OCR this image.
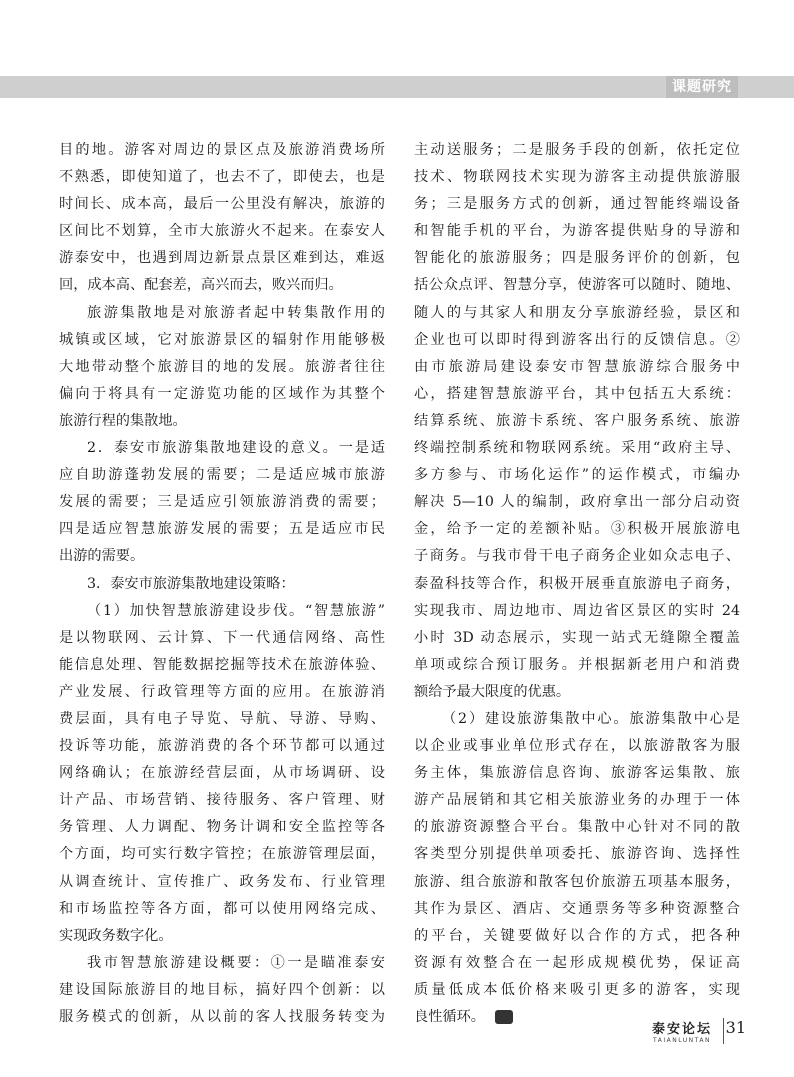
课题研究
目的地。游客对周边的景区点及旅游消费场所
不熟悉，即使知道了，也去不了，即使去，也是
时间长、成本高，最后一公里没有解决，旅游的
区间比不划算，全市大旅游火不起来。在泰安人
游泰安中，也遇到周边新景点景区难到达，难返
回，成本高、配套差，高兴而去，败兴而归。
旅游集散地是对旅游者起中转集散作用的
城镇或区域，它对旅游景区的辐射作用能够极
大地带动整个旅游目的地的发展。旅游者往往
偏向于将具有一定游览功能的区域作为其整个
旅游行程的集散地。
2．泰安市旅游集散地建设的意义。一是适
应自助游蓬勃发展的需要；二是适应城市旅游
发展的需要；三是适应引领旅游消费的需要；
四是适应智慧旅游发展的需要；五是适应市民
出游的需要。
3．泰安市旅游集散地建设策略：
（1）加快智慧旅游建设步伐。“智慧旅游”
是以物联网、云计算、下一代通信网络、高性
能信息处理、智能数据挖掘等技术在旅游体验、
产业发展、行政管理等方面的应用。在旅游消
费层面，具有电子导览、导航、导游、导购、
投诉等功能，旅游消费的各个环节都可以通过
网络确认；在旅游经营层面，从市场调研、设
计产品、市场营销、接待服务、客户管理、财
务管理、人力调配、物务计调和安全监控等各
个方面，均可实行数字管控；在旅游管理层面，
从调查统计、宣传推广、政务发布、行业管理
和市场监控等各方面，都可以使用网络完成、
实现政务数字化。
我市智慧旅游建设概要：①一是瞄准泰安
建设国际旅游目的地目标，搞好四个创新：以
服务模式的创新，从以前的客人找服务转变为
主动送服务；二是服务手段的创新，依托定位
技术、物联网技术实现为游客主动提供旅游服
务；三是服务方式的创新，通过智能终端设备
和智能手机的平台，为游客提供贴身的导游和
智能化的旅游服务；四是服务评价的创新，包
括公众点评、智慧分享，使游客可以随时、随地、
随人的与其家人和朋友分享旅游经验，景区和
企业也可以即时得到游客出行的反馈信息。②
由市旅游局建设泰安市智慧旅游综合服务中
心，搭建智慧旅游平台，其中包括五大系统：
结算系统、旅游卡系统、客户服务系统、旅游
终端控制系统和物联网系统。采用“政府主导、
多方参与、市场化运作”的运作模式，市编办
解决 5—10 人的编制，政府拿出一部分启动资
金，给予一定的差额补贴。③积极开展旅游电
子商务。与我市骨干电子商务企业如众志电子、
泰盈科技等合作，积极开展垂直旅游电子商务，
实现我市、周边地市、周边省区景区的实时 24
小时 3D 动态展示，实现一站式无缝隙全覆盖
单项或综合预订服务。并根据新老用户和消费
额给予最大限度的优惠。
（2）建设旅游集散中心。旅游集散中心是
以企业或事业单位形式存在，以旅游散客为服
务主体，集旅游信息咨询、旅游客运集散、旅
游产品展销和其它相关旅游业务的办理于一体
的旅游资源整合平台。集散中心针对不同的散
客类型分别提供单项委托、旅游咨询、选择性
旅游、组合旅游和散客包价旅游五项基本服务，
其作为景区、酒店、交通票务等多种资源整合
的平台，关键要做好以合作的方式，把各种
资源有效整合在一起形成规模优势，保证高
质量低成本低价格来吸引更多的游客，实现
良性循环。
泰安论坛
TAIANLUNTAN
31
